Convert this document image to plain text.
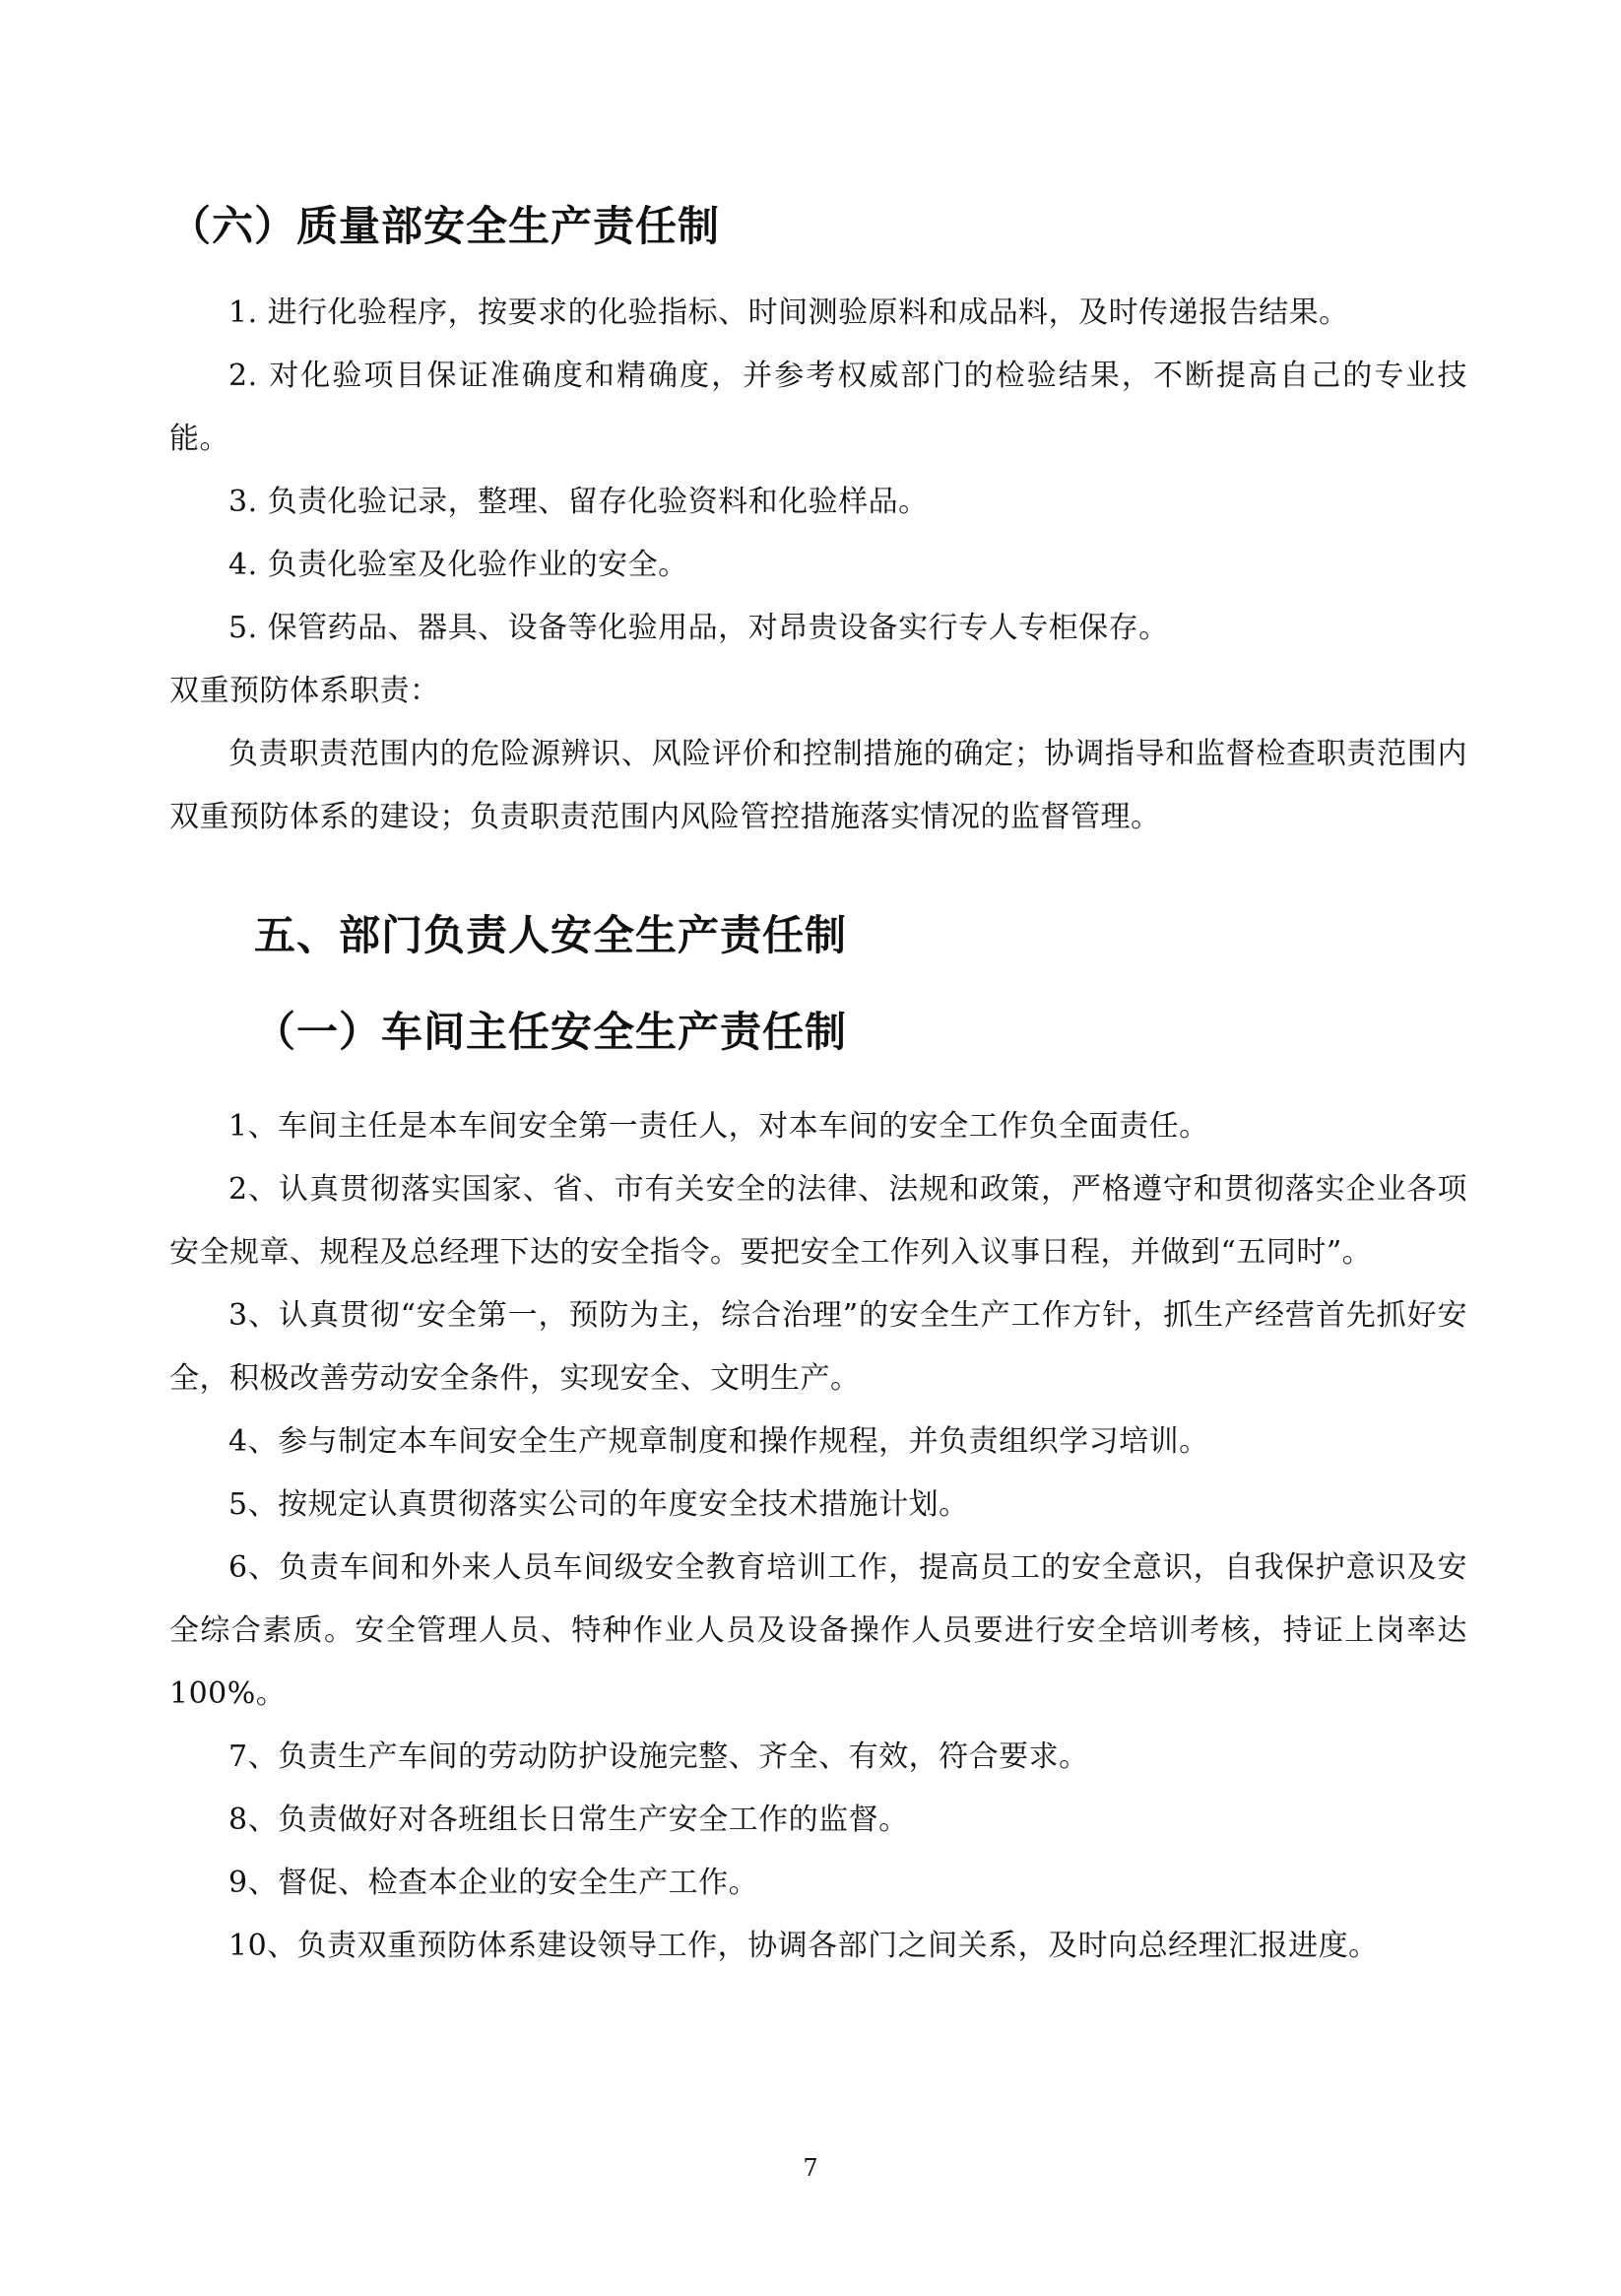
（六）质量部安全生产责任制

1. 进行化验程序，按要求的化验指标、时间测验原料和成品料，及时传递报告结果。

2. 对化验项目保证准确度和精确度，并参考权威部门的检验结果，不断提高自己的专业技能。

3. 负责化验记录，整理、留存化验资料和化验样品。

4. 负责化验室及化验作业的安全。

5. 保管药品、器具、设备等化验用品，对昂贵设备实行专人专柜保存。

双重预防体系职责：

负责职责范围内的危险源辨识、风险评价和控制措施的确定；协调指导和监督检查职责范围内双重预防体系的建设；负责职责范围内风险管控措施落实情况的监督管理。

五、部门负责人安全生产责任制
（一）车间主任安全生产责任制

1、车间主任是本车间安全第一责任人，对本车间的安全工作负全面责任。

2、认真贯彻落实国家、省、市有关安全的法律、法规和政策，严格遵守和贯彻落实企业各项安全规章、规程及总经理下达的安全指令。要把安全工作列入议事日程，并做到“五同时”。

3、认真贯彻“安全第一，预防为主，综合治理”的安全生产工作方针，抓生产经营首先抓好安全，积极改善劳动安全条件，实现安全、文明生产。

4、参与制定本车间安全生产规章制度和操作规程，并负责组织学习培训。

5、按规定认真贯彻落实公司的年度安全技术措施计划。

6、负责车间和外来人员车间级安全教育培训工作，提高员工的安全意识，自我保护意识及安全综合素质。安全管理人员、特种作业人员及设备操作人员要进行安全培训考核，持证上岗率达 100%。

7、负责生产车间的劳动防护设施完整、齐全、有效，符合要求。

8、负责做好对各班组长日常生产安全工作的监督。

9、督促、检查本企业的安全生产工作。

10、负责双重预防体系建设领导工作，协调各部门之间关系，及时向总经理汇报进度。

7
